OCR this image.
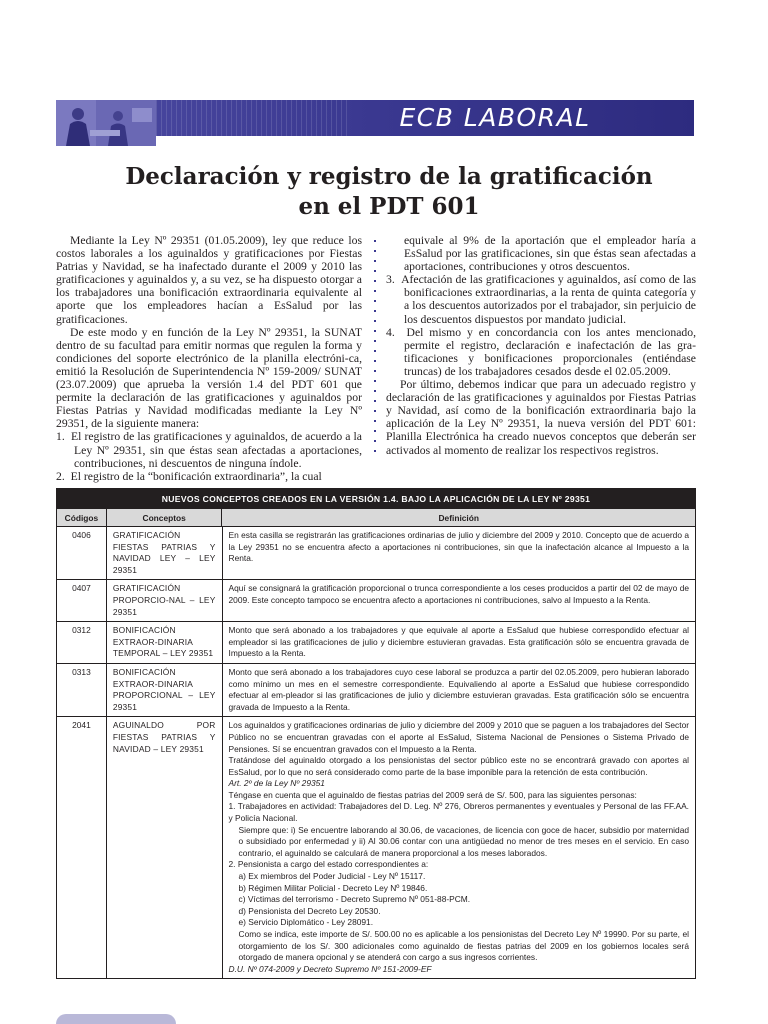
ECB LABORAL
Declaración y registro de la gratificación
en el PDT 601

Mediante la Ley Nº 29351 (01.05.2009), ley que reduce los costos laborales a los aguinaldos y gratificaciones por Fiestas Patrias y Navidad, se ha inafectado durante el 2009 y 2010 las gratificaciones y aguinaldos y, a su vez, se ha dispuesto otorgar a los trabajadores una bonificación extraordinaria equivalente al aporte que los empleadores hacían a EsSalud por las gratificaciones.

De este modo y en función de la Ley Nº 29351, la SUNAT dentro de su facultad para emitir normas que regulen la forma y condiciones del soporte electrónico de la planilla electróni-ca, emitió la Resolución de Superintendencia Nº 159-2009/ SUNAT (23.07.2009) que aprueba la versión 1.4 del PDT 601 que permite la declaración de las gratificaciones y aguinaldos por Fiestas Patrias y Navidad modificadas mediante la Ley Nº 29351, de la siguiente manera:

1.  El registro de las gratificaciones y aguinaldos, de acuerdo a la Ley Nº 29351, sin que éstas sean afectadas a aportaciones, contribuciones, ni descuentos de ninguna índole.
2.  El registro de la “bonificación extraordinaria”, la cual
equivale al 9% de la aportación que el empleador haría a EsSalud por las gratificaciones, sin que éstas sean afectadas a aportaciones, contribuciones y otros descuentos.
3.  Afectación de las gratificaciones y aguinaldos, así como de las bonificaciones extraordinarias, a la renta de quinta categoría y a los descuentos autorizados por el trabajador, sin perjuicio de los descuentos dispuestos por mandato judicial.
4.  Del mismo y en concordancia con los antes mencionado, permite el registro, declaración e inafectación de las gra-tificaciones y bonificaciones proporcionales (entiéndase truncas) de los trabajadores cesados desde el 02.05.2009.

Por último, debemos indicar que para un adecuado registro y declaración de las gratificaciones y aguinaldos por Fiestas Patrias y Navidad, así como de la bonificación extraordinaria bajo la aplicación de la Ley Nº 29351, la nueva versión del PDT 601: Planilla Electrónica ha creado nuevos conceptos que deberán ser activados al momento de realizar los respectivos registros.

NUEVOS CONCEPTOS CREADOS EN LA VERSIÓN 1.4. BAJO LA APLICACIÓN DE LA LEY Nº 29351
Códigos	Conceptos	Definición
0406	GRATIFICACIÓN FIESTAS PATRIAS Y NAVIDAD LEY – LEY 29351
En esta casilla se registrarán las gratificaciones ordinarias de julio y diciembre del 2009 y 2010. Concepto que de acuerdo a la Ley 29351 no se encuentra afecto a aportaciones ni contribuciones, sin que la inafectación alcance al Impuesto a la Renta.
0407	GRATIFICACIÓN PROPORCIO-NAL – LEY 29351
Aquí se consignará la gratificación proporcional o trunca correspondiente a los ceses producidos a partir del 02 de mayo de 2009. Este concepto tampoco se encuentra afecto a aportaciones ni contribuciones, salvo al Impuesto a la Renta.
0312	BONIFICACIÓN EXTRAOR-DINARIA TEMPORAL – LEY 29351
Monto que será abonado a los trabajadores y que equivale al aporte a EsSalud que hubiese correspondido efectuar al empleador si las gratificaciones de julio y diciembre estuvieran gravadas. Esta gratificación sólo se encuentra gravada de Impuesto a la Renta.
0313	BONIFICACIÓN EXTRAOR-DINARIA PROPORCIONAL – LEY 29351
Monto que será abonado a los trabajadores cuyo cese laboral se produzca a partir del 02.05.2009, pero hubieran laborado como mínimo un mes en el semestre correspondiente. Equivaliendo al aporte a EsSalud que hubiese correspondido efectuar al em-pleador si las gratificaciones de julio y diciembre estuvieran gravadas. Esta gratificación sólo se encuentra gravada de Impuesto a la Renta.
2041	AGUINALDO POR FIESTAS PATRIAS Y NAVIDAD – LEY 29351
Los aguinaldos y gratificaciones ordinarias de julio y diciembre del 2009 y 2010 que se paguen a los trabajadores del Sector Público no se encuentran gravadas con el aporte al EsSalud, Sistema Nacional de Pensiones o Sistema Privado de Pensiones. Sí se encuentran gravados con el Impuesto a la Renta.
Tratándose del aguinaldo otorgado a los pensionistas del sector público este no se encontrará gravado con aportes al EsSalud, por lo que no será considerado como parte de la base imponible para la retención de esta contribución.
Art. 2º de la Ley Nº 29351
Téngase en cuenta que el aguinaldo de fiestas patrias del 2009 será de S/. 500, para las siguientes personas:
1. Trabajadores en actividad: Trabajadores del D. Leg. Nº 276, Obreros permanentes y eventuales y Personal de las FF.AA. y Policía Nacional.
Siempre que: i) Se encuentre laborando al 30.06, de vacaciones, de licencia con goce de hacer, subsidio por maternidad o subsidiado por enfermedad y ii) Al 30.06 contar con una antigüedad no menor de tres meses en el servicio. En caso contrario, el aguinaldo se calculará de manera proporcional a los meses laborados.
2. Pensionista a cargo del estado correspondientes a:
a) Ex miembros del Poder Judicial - Ley Nº 15117.
b) Régimen Militar Policial - Decreto Ley Nº 19846.
c) Víctimas del terrorismo - Decreto Supremo Nº 051-88-PCM.
d) Pensionista del Decreto Ley 20530.
e) Servicio Diplomático - Ley 28091.
Como se indica, este importe de S/. 500.00 no es aplicable a los pensionistas del Decreto Ley Nº 19990. Por su parte, el otorgamiento de los S/. 300 adicionales como aguinaldo de fiestas patrias del 2009 en los gobiernos locales será otorgado de manera opcional y se atenderá con cargo a sus ingresos corrientes.
D.U. Nº 074-2009 y Decreto Supremo Nº 151-2009-EF
